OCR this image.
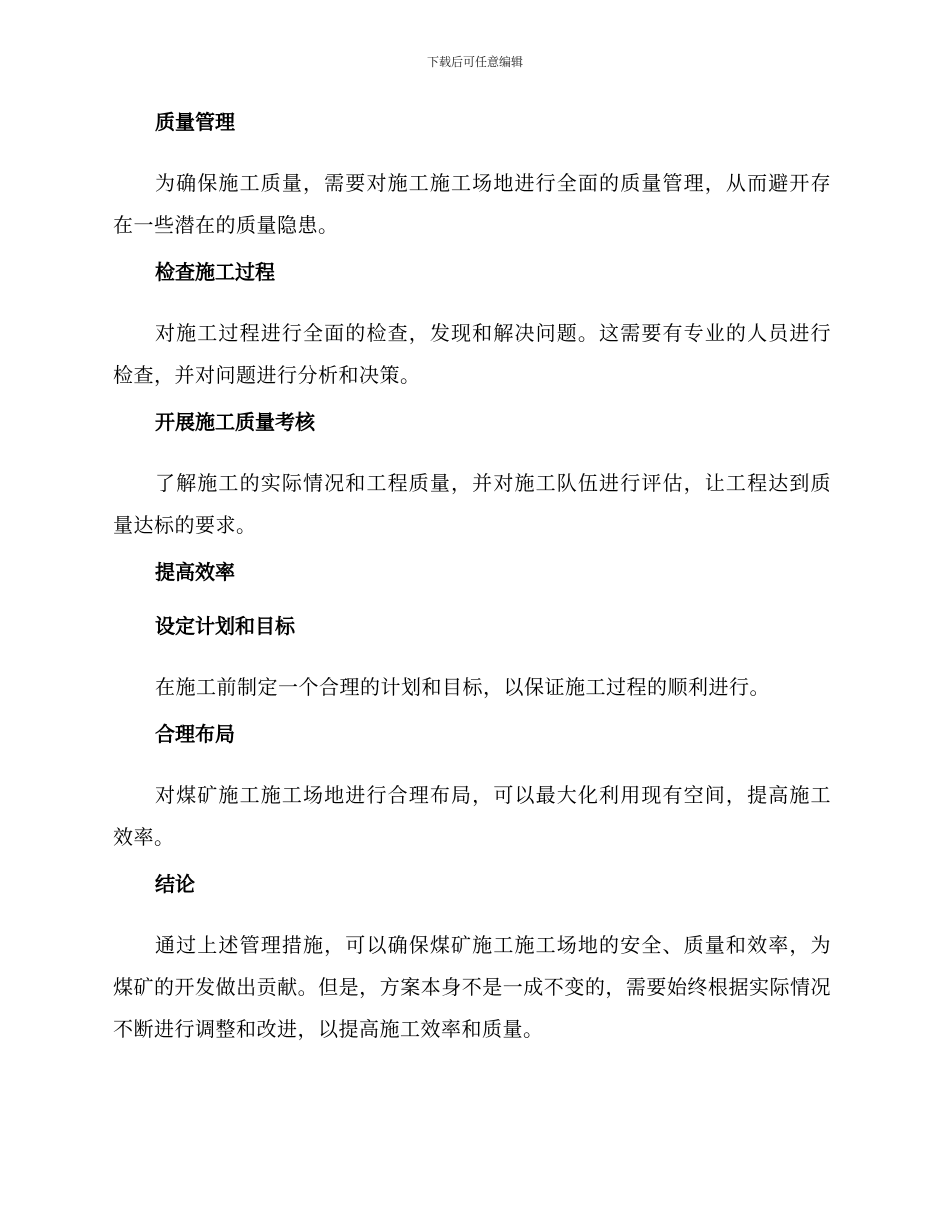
下载后可任意编辑
质量管理

为确保施工质量，需要对施工施工场地进行全面的质量管理，从而避开存在一些潜在的质量隐患。

检查施工过程

对施工过程进行全面的检查，发现和解决问题。这需要有专业的人员进行检查，并对问题进行分析和决策。

开展施工质量考核

了解施工的实际情况和工程质量，并对施工队伍进行评估，让工程达到质量达标的要求。

提高效率
设定计划和目标

在施工前制定一个合理的计划和目标，以保证施工过程的顺利进行。

合理布局

对煤矿施工施工场地进行合理布局，可以最大化利用现有空间，提高施工效率。

结论

通过上述管理措施，可以确保煤矿施工施工场地的安全、质量和效率，为煤矿的开发做出贡献。但是，方案本身不是一成不变的，需要始终根据实际情况不断进行调整和改进，以提高施工效率和质量。
